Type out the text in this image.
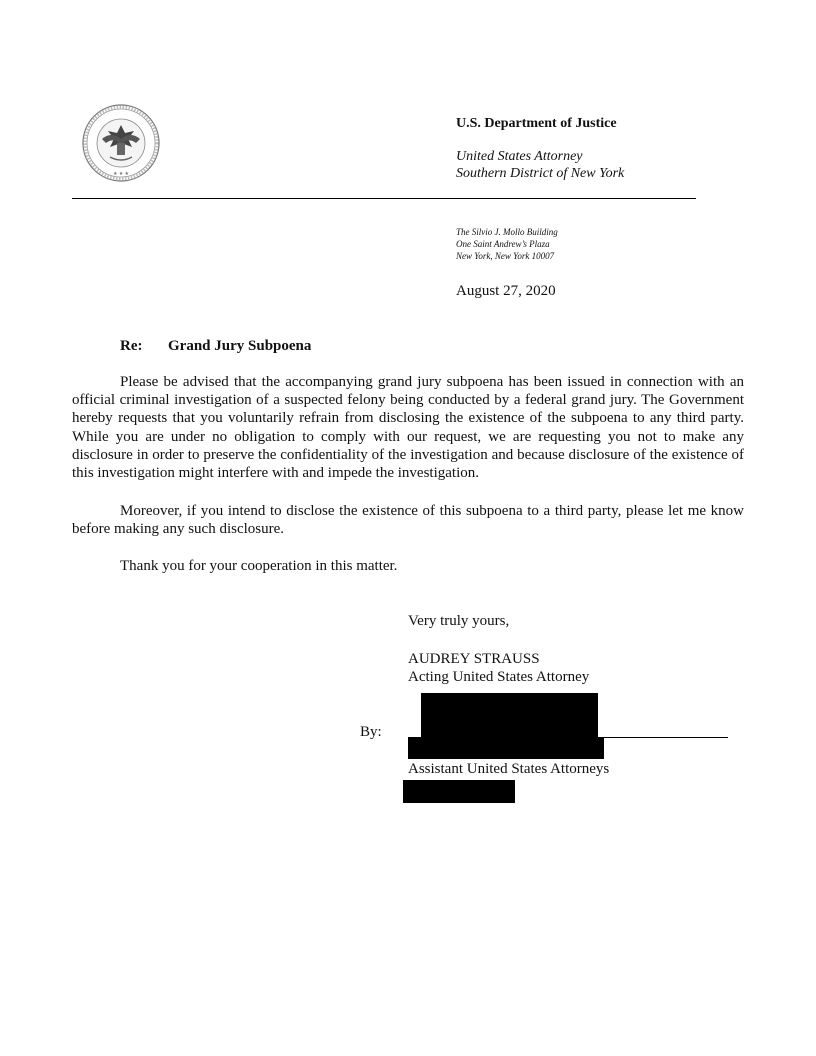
★ ★ ★
U.S. Department of Justice
United States Attorney
Southern District of New York
The Silvio J. Mollo Building
One Saint Andrew’s Plaza
New York, New York 10007
August 27, 2020
Re: Grand Jury Subpoena
Please be advised that the accompanying grand jury subpoena has been issued in connection with an official criminal investigation of a suspected felony being conducted by a federal grand jury. The Government hereby requests that you voluntarily refrain from disclosing the existence of the subpoena to any third party. While you are under no obligation to comply with our request, we are requesting you not to make any disclosure in order to preserve the confidentiality of the investigation and because disclosure of the existence of this investigation might interfere with and impede the investigation.
Moreover, if you intend to disclose the existence of this subpoena to a third party, please let me know before making any such disclosure.
Thank you for your cooperation in this matter.
Very truly yours,
AUDREY STRAUSS
Acting United States Attorney
By:
Assistant United States Attorneys
